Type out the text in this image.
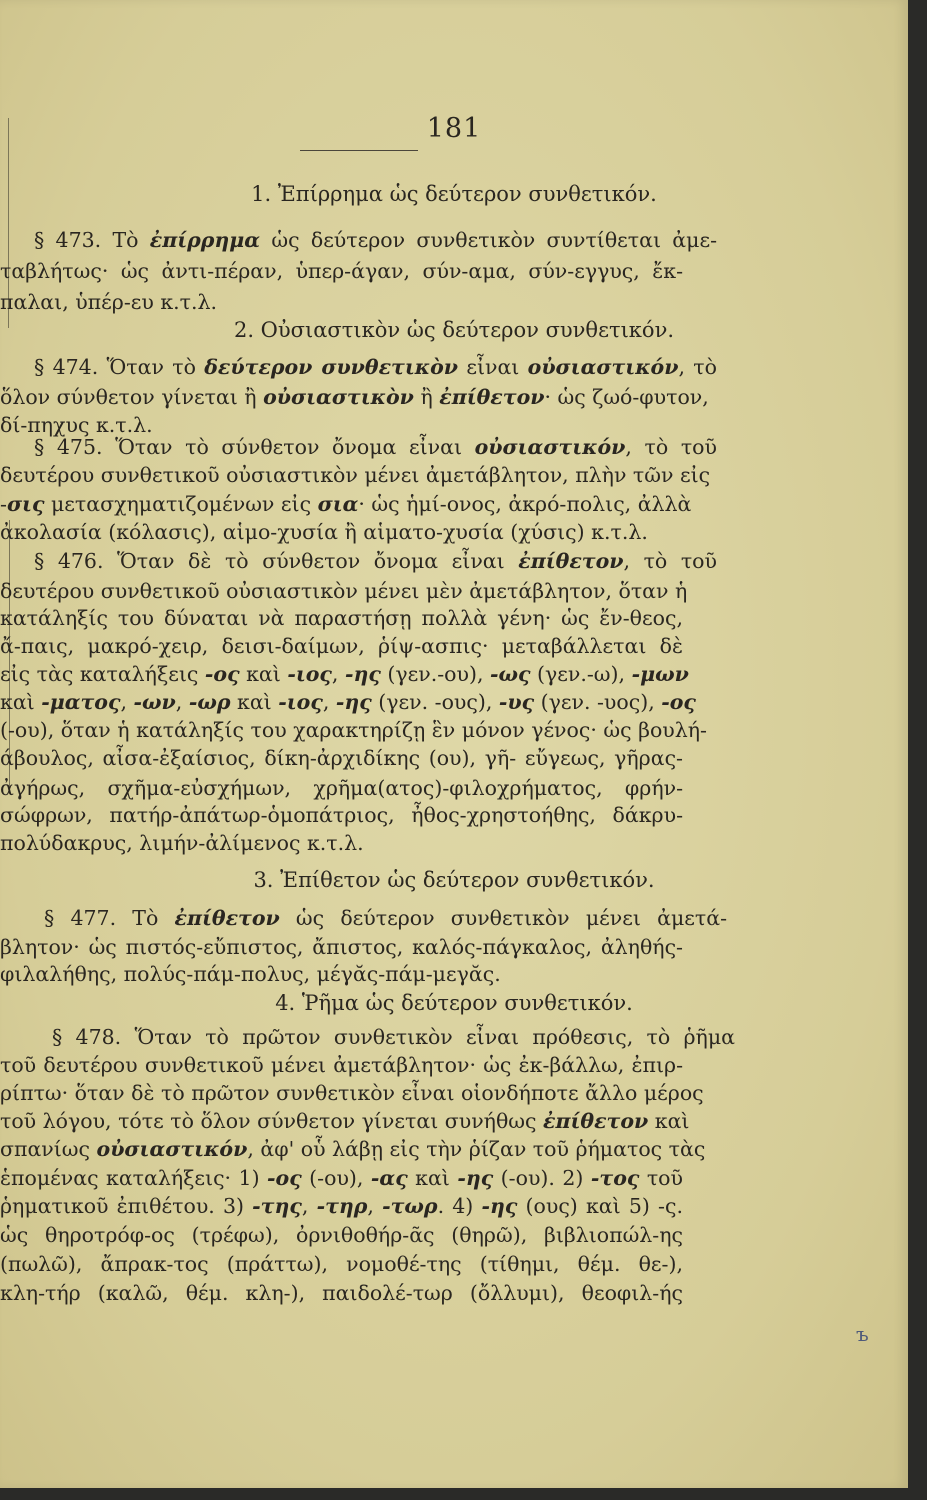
181
1. Ἐπίρρημα ὡς δεύτερον συνθετικόν.
§ 473. Τὸ ἐπίρρημα ὡς δεύτερον συνθετικὸν συντίθεται ἀμε-
ταβλήτως· ὡς ἀντι-πέραν, ὑπερ-άγαν, σύν-αμα, σύν-εγγυς, ἔκ-
παλαι, ὑπέρ-ευ κ.τ.λ.
2. Οὐσιαστικὸν ὡς δεύτερον συνθετικόν.
§ 474. Ὅταν τὸ δεύτερον συνθετικὸν εἶναι οὐσιαστικόν, τὸ
ὅλον σύνθετον γίνεται ἢ οὐσιαστικὸν ἢ ἐπίθετον· ὡς ζωό-φυτον,
δί-πηχυς κ.τ.λ.
§ 475. Ὅταν τὸ σύνθετον ὄνομα εἶναι οὐσιαστικόν, τὸ τοῦ
δευτέρου συνθετικοῦ οὐσιαστικὸν μένει ἀμετάβλητον, πλὴν τῶν εἰς
-σις μετασχηματιζομένων εἰς σια· ὡς ἡμί-ονος, ἀκρό-πολις, ἀλλὰ
ἀκολασία (κόλασις), αἱμο-χυσία ἢ αἱματο-χυσία (χύσις) κ.τ.λ.
§ 476. Ὅταν δὲ τὸ σύνθετον ὄνομα εἶναι ἐπίθετον, τὸ τοῦ
δευτέρου συνθετικοῦ οὐσιαστικὸν μένει μὲν ἀμετάβλητον, ὅταν ἡ
κατάληξίς του δύναται νὰ παραστήσῃ πολλὰ γένη· ὡς ἔν-θεος,
ἄ-παις, μακρό-χειρ, δεισι-δαίμων, ῥίψ-ασπις· μεταβάλλεται δὲ
εἰς τὰς καταλήξεις -ος καὶ -ιος, -ης (γεν.-ου), -ως (γεν.-ω), -μων
καὶ -ματος, -ων, -ωρ καὶ -ιος, -ης (γεν. -ους), -υς (γεν. -υος), -ος
(-ου), ὅταν ἡ κατάληξίς του χαρακτηρίζῃ ἓν μόνον γένος· ὡς βουλή-
άβουλος, αἶσα-ἐξαίσιος, δίκη-ἀρχιδίκης (ου), γῆ- εὔγεως, γῆρας-
ἀγήρως, σχῆμα-εὐσχήμων, χρῆμα(ατος)-φιλοχρήματος, φρήν-
σώφρων, πατήρ-ἀπάτωρ-ὁμοπάτριος, ἦθος-χρηστοήθης, δάκρυ-
πολύδακρυς, λιμήν-ἀλίμενος κ.τ.λ.
3. Ἐπίθετον ὡς δεύτερον συνθετικόν.
§ 477. Τὸ ἐπίθετον ὡς δεύτερον συνθετικὸν μένει ἀμετά-
βλητον· ὡς πιστός-εὔπιστος, ἄπιστος, καλός-πάγκαλος, ἀληθής-
φιλαλήθης, πολύς-πάμ-πολυς, μέγᾰς-πάμ-μεγᾰς.
4. Ῥῆμα ὡς δεύτερον συνθετικόν.
§ 478. Ὅταν τὸ πρῶτον συνθετικὸν εἶναι πρόθεσις, τὸ ῥῆμα
τοῦ δευτέρου συνθετικοῦ μένει ἀμετάβλητον· ὡς ἐκ-βάλλω, ἐπιρ-
ρίπτω· ὅταν δὲ τὸ πρῶτον συνθετικὸν εἶναι οἱονδήποτε ἄλλο μέρος
τοῦ λόγου, τότε τὸ ὅλον σύνθετον γίνεται συνήθως ἐπίθετον καὶ
σπανίως οὐσιαστικόν, ἀφ' οὗ λάβῃ εἰς τὴν ῥίζαν τοῦ ῥήματος τὰς
ἑπομένας καταλήξεις· 1) -ος (-ου), -ας καὶ -ης (-ου). 2) -τος τοῦ
ῥηματικοῦ ἐπιθέτου. 3) -της, -τηρ, -τωρ. 4) -ης (ους) καὶ 5) -ς.
ὡς θηροτρόφ-ος (τρέφω), ὀρνιθοθήρ-ᾶς (θηρῶ), βιβλιοπώλ-ης
(πωλῶ), ἄπρακ-τος (πράττω), νομοθέ-της (τίθημι, θέμ. θε-),
κλη-τήρ (καλῶ, θέμ. κλη-), παιδολέ-τωρ (ὄλλυμι), θεοφιλ-ής
ъ
